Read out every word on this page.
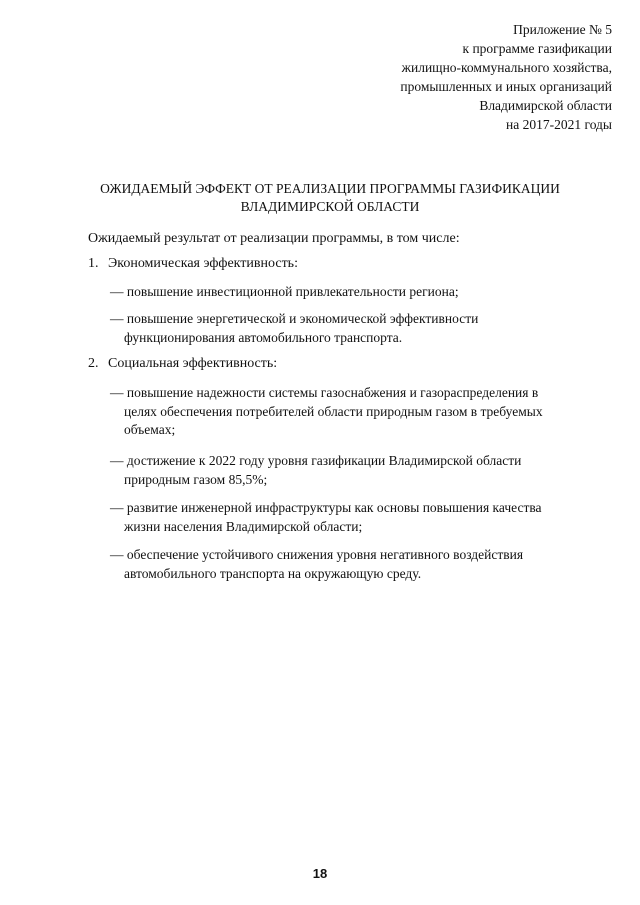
Приложение № 5
к программе газификации
жилищно-коммунального хозяйства,
промышленных и иных организаций
Владимирской области
на 2017-2021 годы
ОЖИДАЕМЫЙ ЭФФЕКТ ОТ РЕАЛИЗАЦИИ ПРОГРАММЫ ГАЗИФИКАЦИИ
ВЛАДИМИРСКОЙ ОБЛАСТИ
Ожидаемый результат от реализации программы, в том числе:
1. Экономическая эффективность:
— повышение инвестиционной привлекательности региона;
— повышение энергетической и экономической эффективности
функционирования автомобильного транспорта.
2. Социальная эффективность:
— повышение надежности системы газоснабжения и газораспределения в
целях обеспечения потребителей области природным газом в требуемых
объемах;
— достижение к 2022 году уровня газификации Владимирской области
природным газом 85,5%;
— развитие инженерной инфраструктуры как основы повышения качества
жизни населения Владимирской области;
— обеспечение устойчивого снижения уровня негативного воздействия
автомобильного транспорта на окружающую среду.
18
